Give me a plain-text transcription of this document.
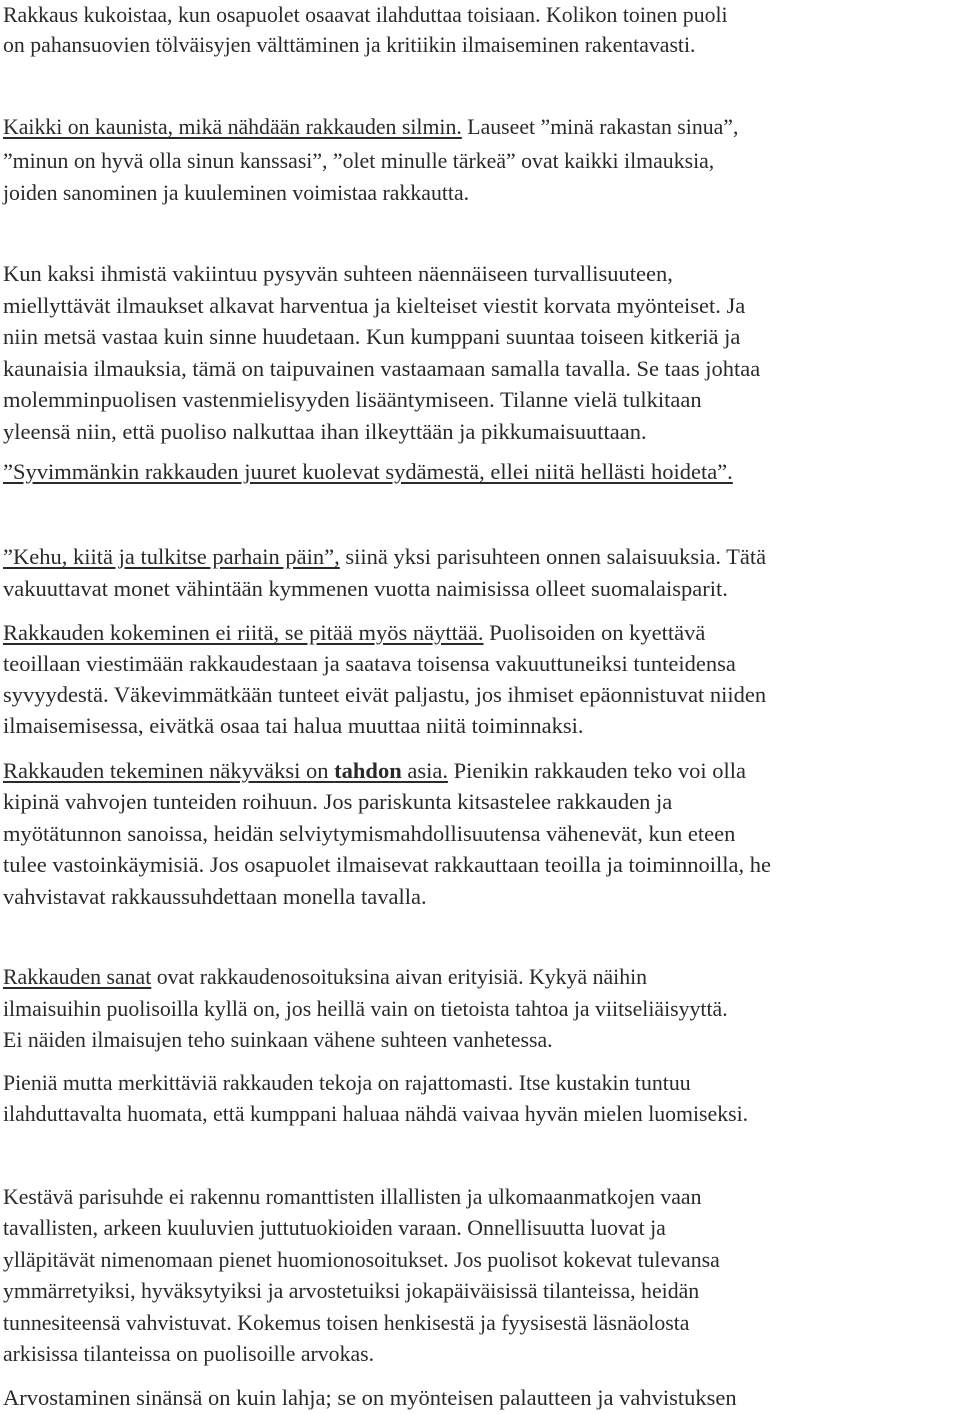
Rakkaus kukoistaa, kun osapuolet osaavat ilahduttaa toisiaan. Kolikon toinen puoli

on pahansuovien tölväisyjen välttäminen ja kritiikin ilmaiseminen rakentavasti.

Kaikki on kaunista, mikä nähdään rakkauden silmin. Lauseet ”minä rakastan sinua”,

”minun on hyvä olla sinun kanssasi”, ”olet minulle tärkeä” ovat kaikki ilmauksia,

joiden sanominen ja kuuleminen voimistaa rakkautta.

Kun kaksi ihmistä vakiintuu pysyvän suhteen näennäiseen turvallisuuteen,

miellyttävät ilmaukset alkavat harventua ja kielteiset viestit korvata myönteiset. Ja

niin metsä vastaa kuin sinne huudetaan. Kun kumppani suuntaa toiseen kitkeriä ja

kaunaisia ilmauksia, tämä on taipuvainen vastaamaan samalla tavalla. Se taas johtaa

molemminpuolisen vastenmielisyyden lisääntymiseen. Tilanne vielä tulkitaan

yleensä niin, että puoliso nalkuttaa ihan ilkeyttään ja pikkumaisuuttaan.

”Syvimmänkin rakkauden juuret kuolevat sydämestä, ellei niitä hellästi hoideta”.

”Kehu, kiitä ja tulkitse parhain päin”, siinä yksi parisuhteen onnen salaisuuksia. Tätä

vakuuttavat monet vähintään kymmenen vuotta naimisissa olleet suomalaisparit.

Rakkauden kokeminen ei riitä, se pitää myös näyttää. Puolisoiden on kyettävä

teoillaan viestimään rakkaudestaan ja saatava toisensa vakuuttuneiksi tunteidensa

syvyydestä. Väkevimmätkään tunteet eivät paljastu, jos ihmiset epäonnistuvat niiden

ilmaisemisessa, eivätkä osaa tai halua muuttaa niitä toiminnaksi.

Rakkauden tekeminen näkyväksi on tahdon asia. Pienikin rakkauden teko voi olla

kipinä vahvojen tunteiden roihuun. Jos pariskunta kitsastelee rakkauden ja

myötätunnon sanoissa, heidän selviytymismahdollisuutensa vähenevät, kun eteen

tulee vastoinkäymisiä. Jos osapuolet ilmaisevat rakkauttaan teoilla ja toiminnoilla, he

vahvistavat rakkaussuhdettaan monella tavalla.

Rakkauden sanat ovat rakkaudenosoituksina aivan erityisiä. Kykyä näihin

ilmaisuihin puolisoilla kyllä on, jos heillä vain on tietoista tahtoa ja viitseliäisyyttä.

Ei näiden ilmaisujen teho suinkaan vähene suhteen vanhetessa.

Pieniä mutta merkittäviä rakkauden tekoja on rajattomasti. Itse kustakin tuntuu

ilahduttavalta huomata, että kumppani haluaa nähdä vaivaa hyvän mielen luomiseksi.

Kestävä parisuhde ei rakennu romanttisten illallisten ja ulkomaanmatkojen vaan

tavallisten, arkeen kuuluvien juttutuokioiden varaan. Onnellisuutta luovat ja

ylläpitävät nimenomaan pienet huomionosoitukset. Jos puolisot kokevat tulevansa

ymmärretyiksi, hyväksytyiksi ja arvostetuiksi jokapäiväisissä tilanteissa, heidän

tunnesiteensä vahvistuvat. Kokemus toisen henkisestä ja fyysisestä läsnäolosta

arkisissa tilanteissa on puolisoille arvokas.

Arvostaminen sinänsä on kuin lahja; se on myönteisen palautteen ja vahvistuksen
